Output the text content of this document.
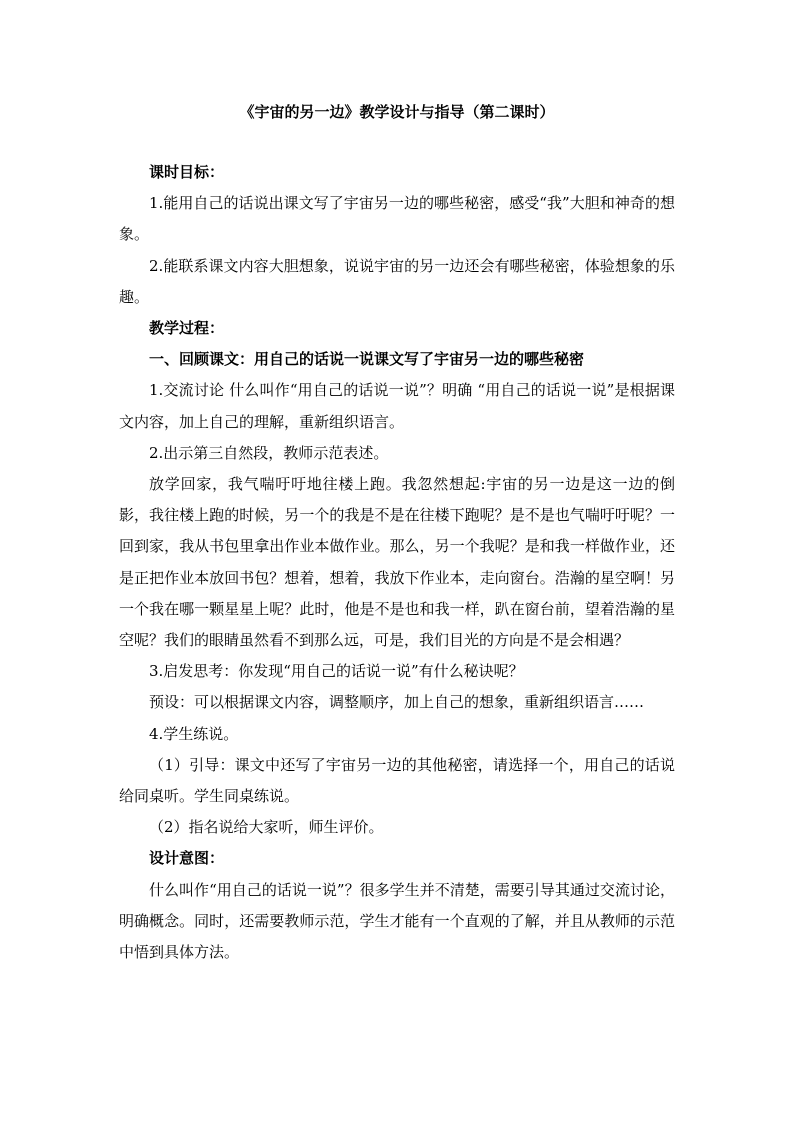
《宇宙的另一边》教学设计与指导（第二课时）

课时目标：

1.能用自己的话说出课文写了宇宙另一边的哪些秘密，感受“我”大胆和神奇的想象。

2.能联系课文内容大胆想象，说说宇宙的另一边还会有哪些秘密，体验想象的乐趣。

教学过程：

一、回顾课文：用自己的话说一说课文写了宇宙另一边的哪些秘密

1.交流讨论 什么叫作“用自己的话说一说”？明确 “用自己的话说一说”是根据课文内容，加上自己的理解，重新组织语言。

2.出示第三自然段，教师示范表述。

放学回家，我气喘吁吁地往楼上跑。我忽然想起:宇宙的另一边是这一边的倒影，我往楼上跑的时候，另一个的我是不是在往楼下跑呢？是不是也气喘吁吁呢？一回到家，我从书包里拿出作业本做作业。那么，另一个我呢？是和我一样做作业，还是正把作业本放回书包？想着，想着，我放下作业本，走向窗台。浩瀚的星空啊！另一个我在哪一颗星星上呢？此时，他是不是也和我一样，趴在窗台前，望着浩瀚的星空呢？我们的眼睛虽然看不到那么远，可是，我们目光的方向是不是会相遇？

3.启发思考：你发现“用自己的话说一说”有什么秘诀呢？

预设：可以根据课文内容，调整顺序，加上自己的想象，重新组织语言……

4.学生练说。

（1）引导：课文中还写了宇宙另一边的其他秘密，请选择一个，用自己的话说给同桌听。学生同桌练说。

（2）指名说给大家听，师生评价。

设计意图：

什么叫作“用自己的话说一说”？很多学生并不清楚，需要引导其通过交流讨论，明确概念。同时，还需要教师示范，学生才能有一个直观的了解，并且从教师的示范中悟到具体方法。
